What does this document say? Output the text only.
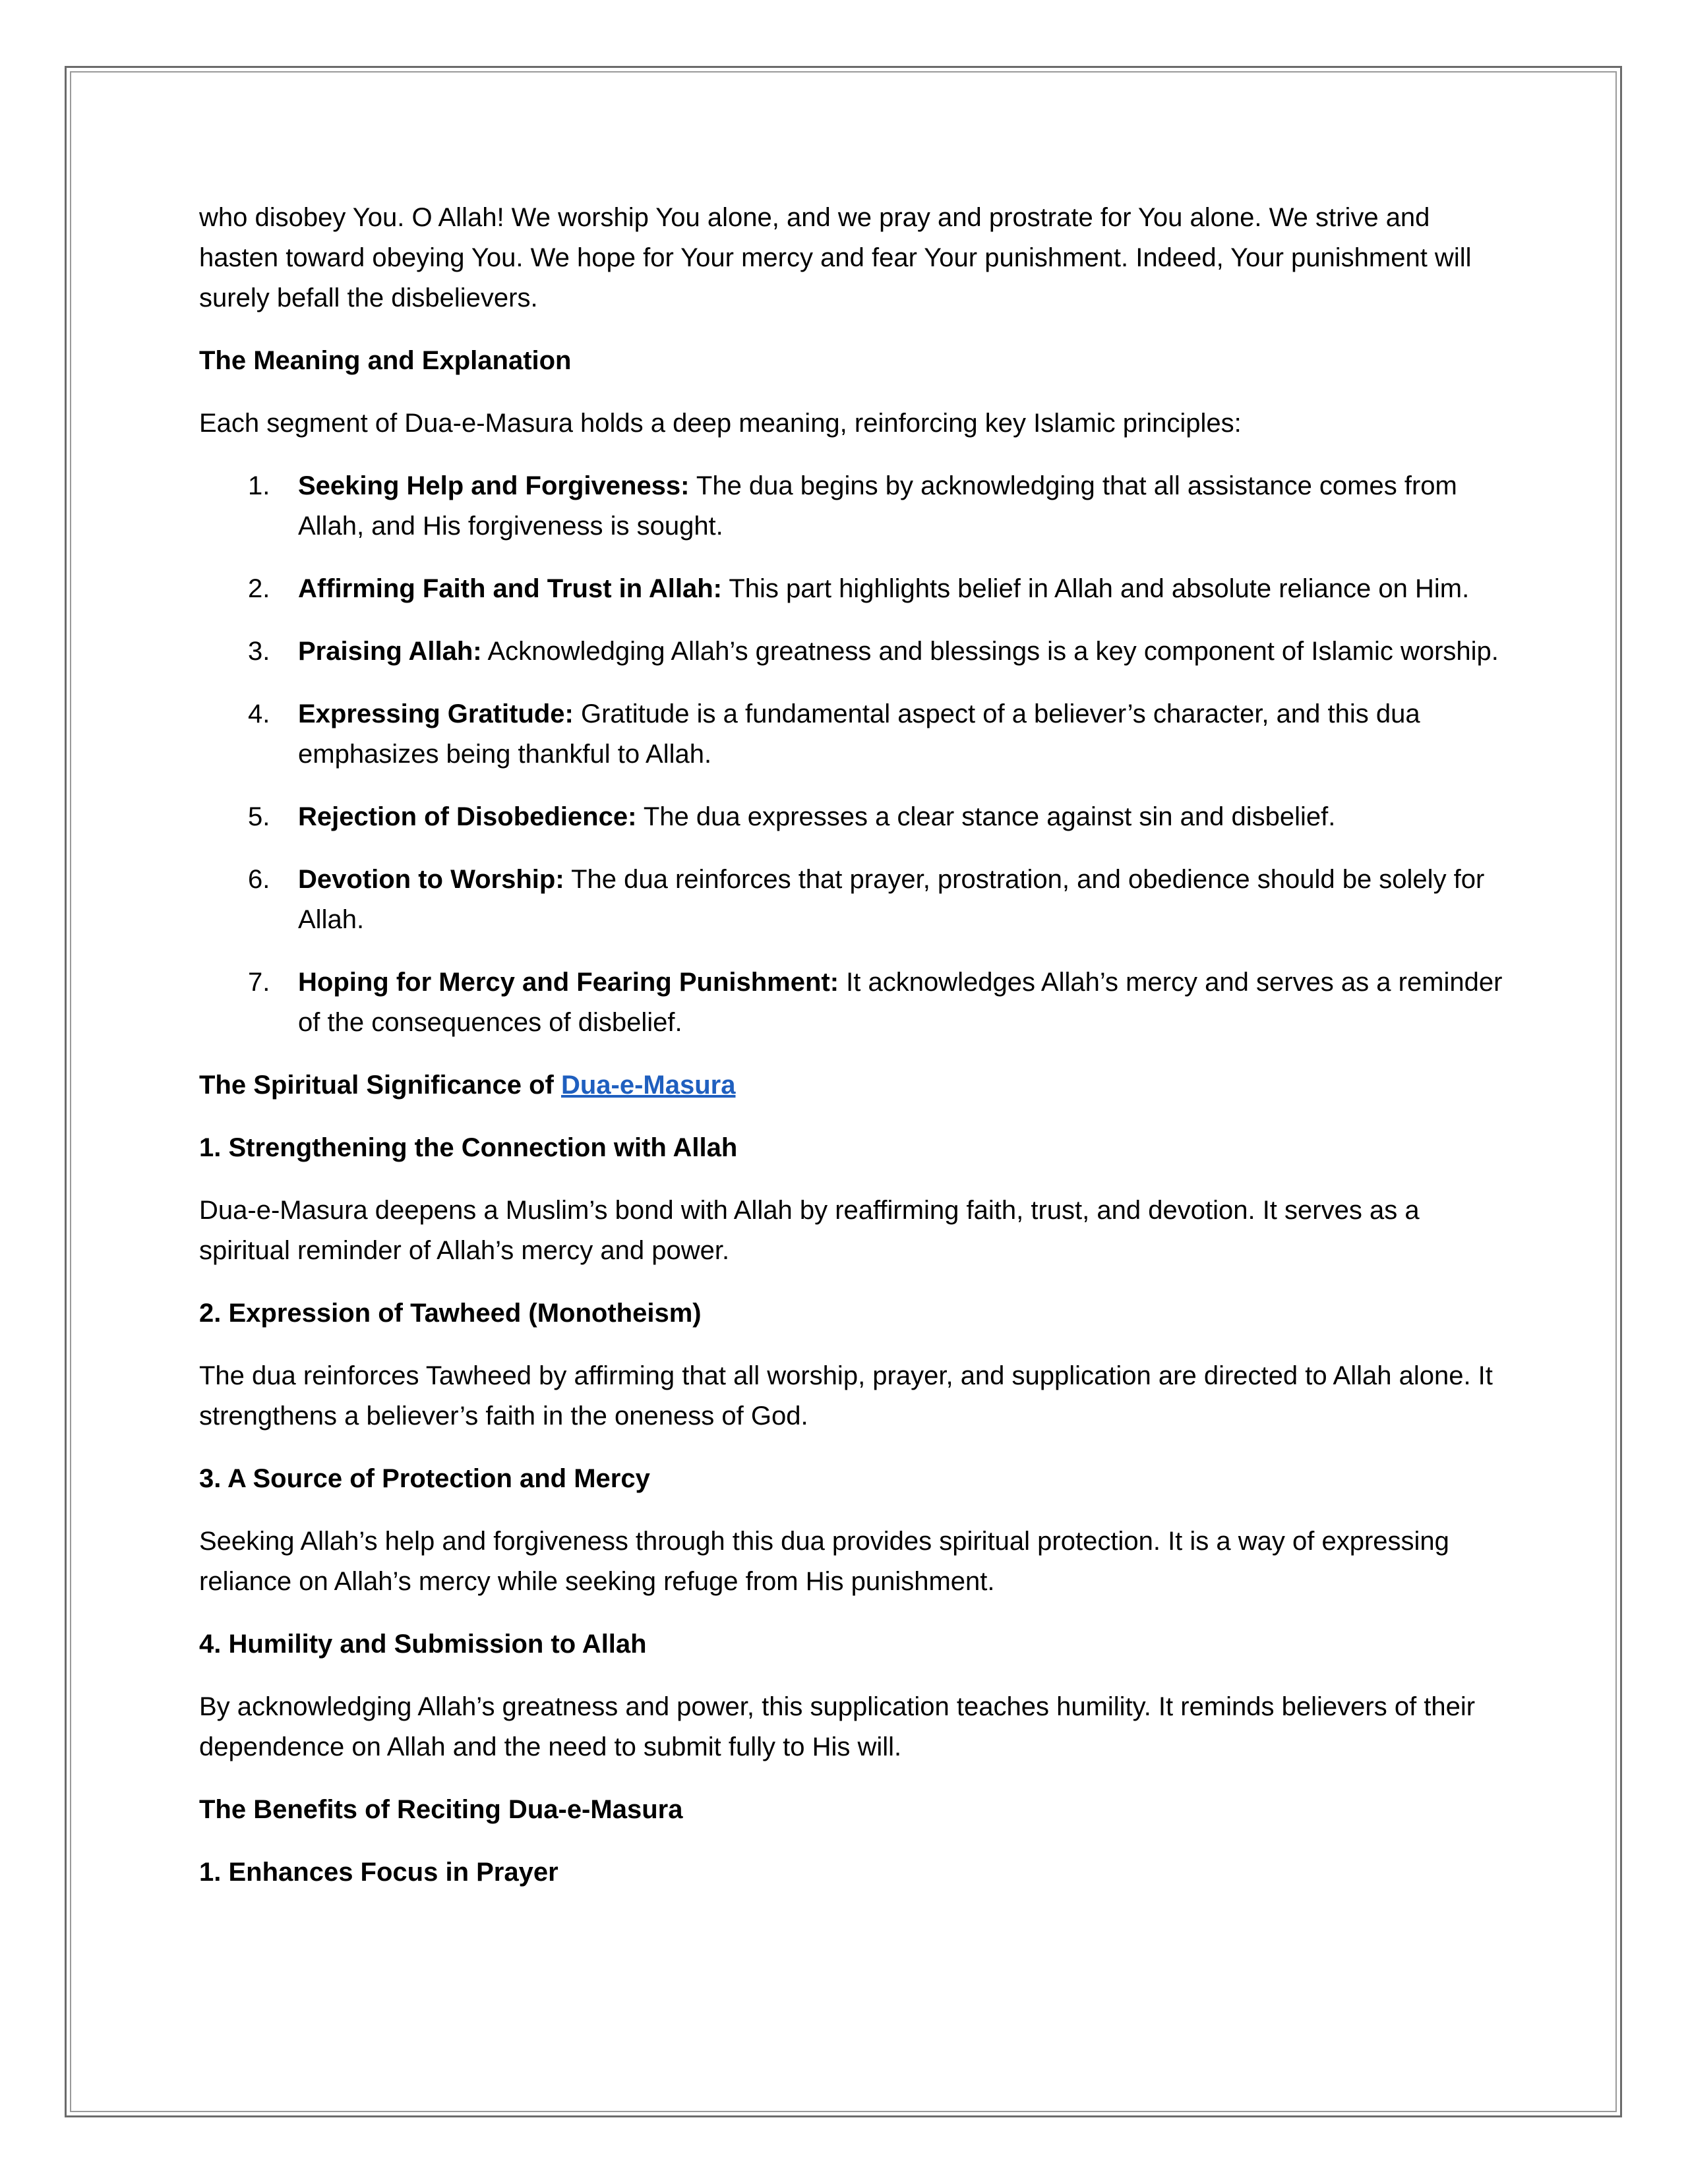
who disobey You. O Allah! We worship You alone, and we pray and prostrate for You alone. We strive and hasten toward obeying You. We hope for Your mercy and fear Your punishment. Indeed, Your punishment will surely befall the disbelievers.

The Meaning and Explanation

Each segment of Dua-e-Masura holds a deep meaning, reinforcing key Islamic principles:

1. Seeking Help and Forgiveness: The dua begins by acknowledging that all assistance comes from Allah, and His forgiveness is sought.
2. Affirming Faith and Trust in Allah: This part highlights belief in Allah and absolute reliance on Him.
3. Praising Allah: Acknowledging Allah’s greatness and blessings is a key component of Islamic worship.
4. Expressing Gratitude: Gratitude is a fundamental aspect of a believer’s character, and this dua emphasizes being thankful to Allah.
5. Rejection of Disobedience: The dua expresses a clear stance against sin and disbelief.
6. Devotion to Worship: The dua reinforces that prayer, prostration, and obedience should be solely for Allah.
7. Hoping for Mercy and Fearing Punishment: It acknowledges Allah’s mercy and serves as a reminder of the consequences of disbelief.

The Spiritual Significance of Dua-e-Masura

1. Strengthening the Connection with Allah

Dua-e-Masura deepens a Muslim’s bond with Allah by reaffirming faith, trust, and devotion. It serves as a spiritual reminder of Allah’s mercy and power.

2. Expression of Tawheed (Monotheism)

The dua reinforces Tawheed by affirming that all worship, prayer, and supplication are directed to Allah alone. It strengthens a believer’s faith in the oneness of God.

3. A Source of Protection and Mercy

Seeking Allah’s help and forgiveness through this dua provides spiritual protection. It is a way of expressing reliance on Allah’s mercy while seeking refuge from His punishment.

4. Humility and Submission to Allah

By acknowledging Allah’s greatness and power, this supplication teaches humility. It reminds believers of their dependence on Allah and the need to submit fully to His will.

The Benefits of Reciting Dua-e-Masura

1. Enhances Focus in Prayer
